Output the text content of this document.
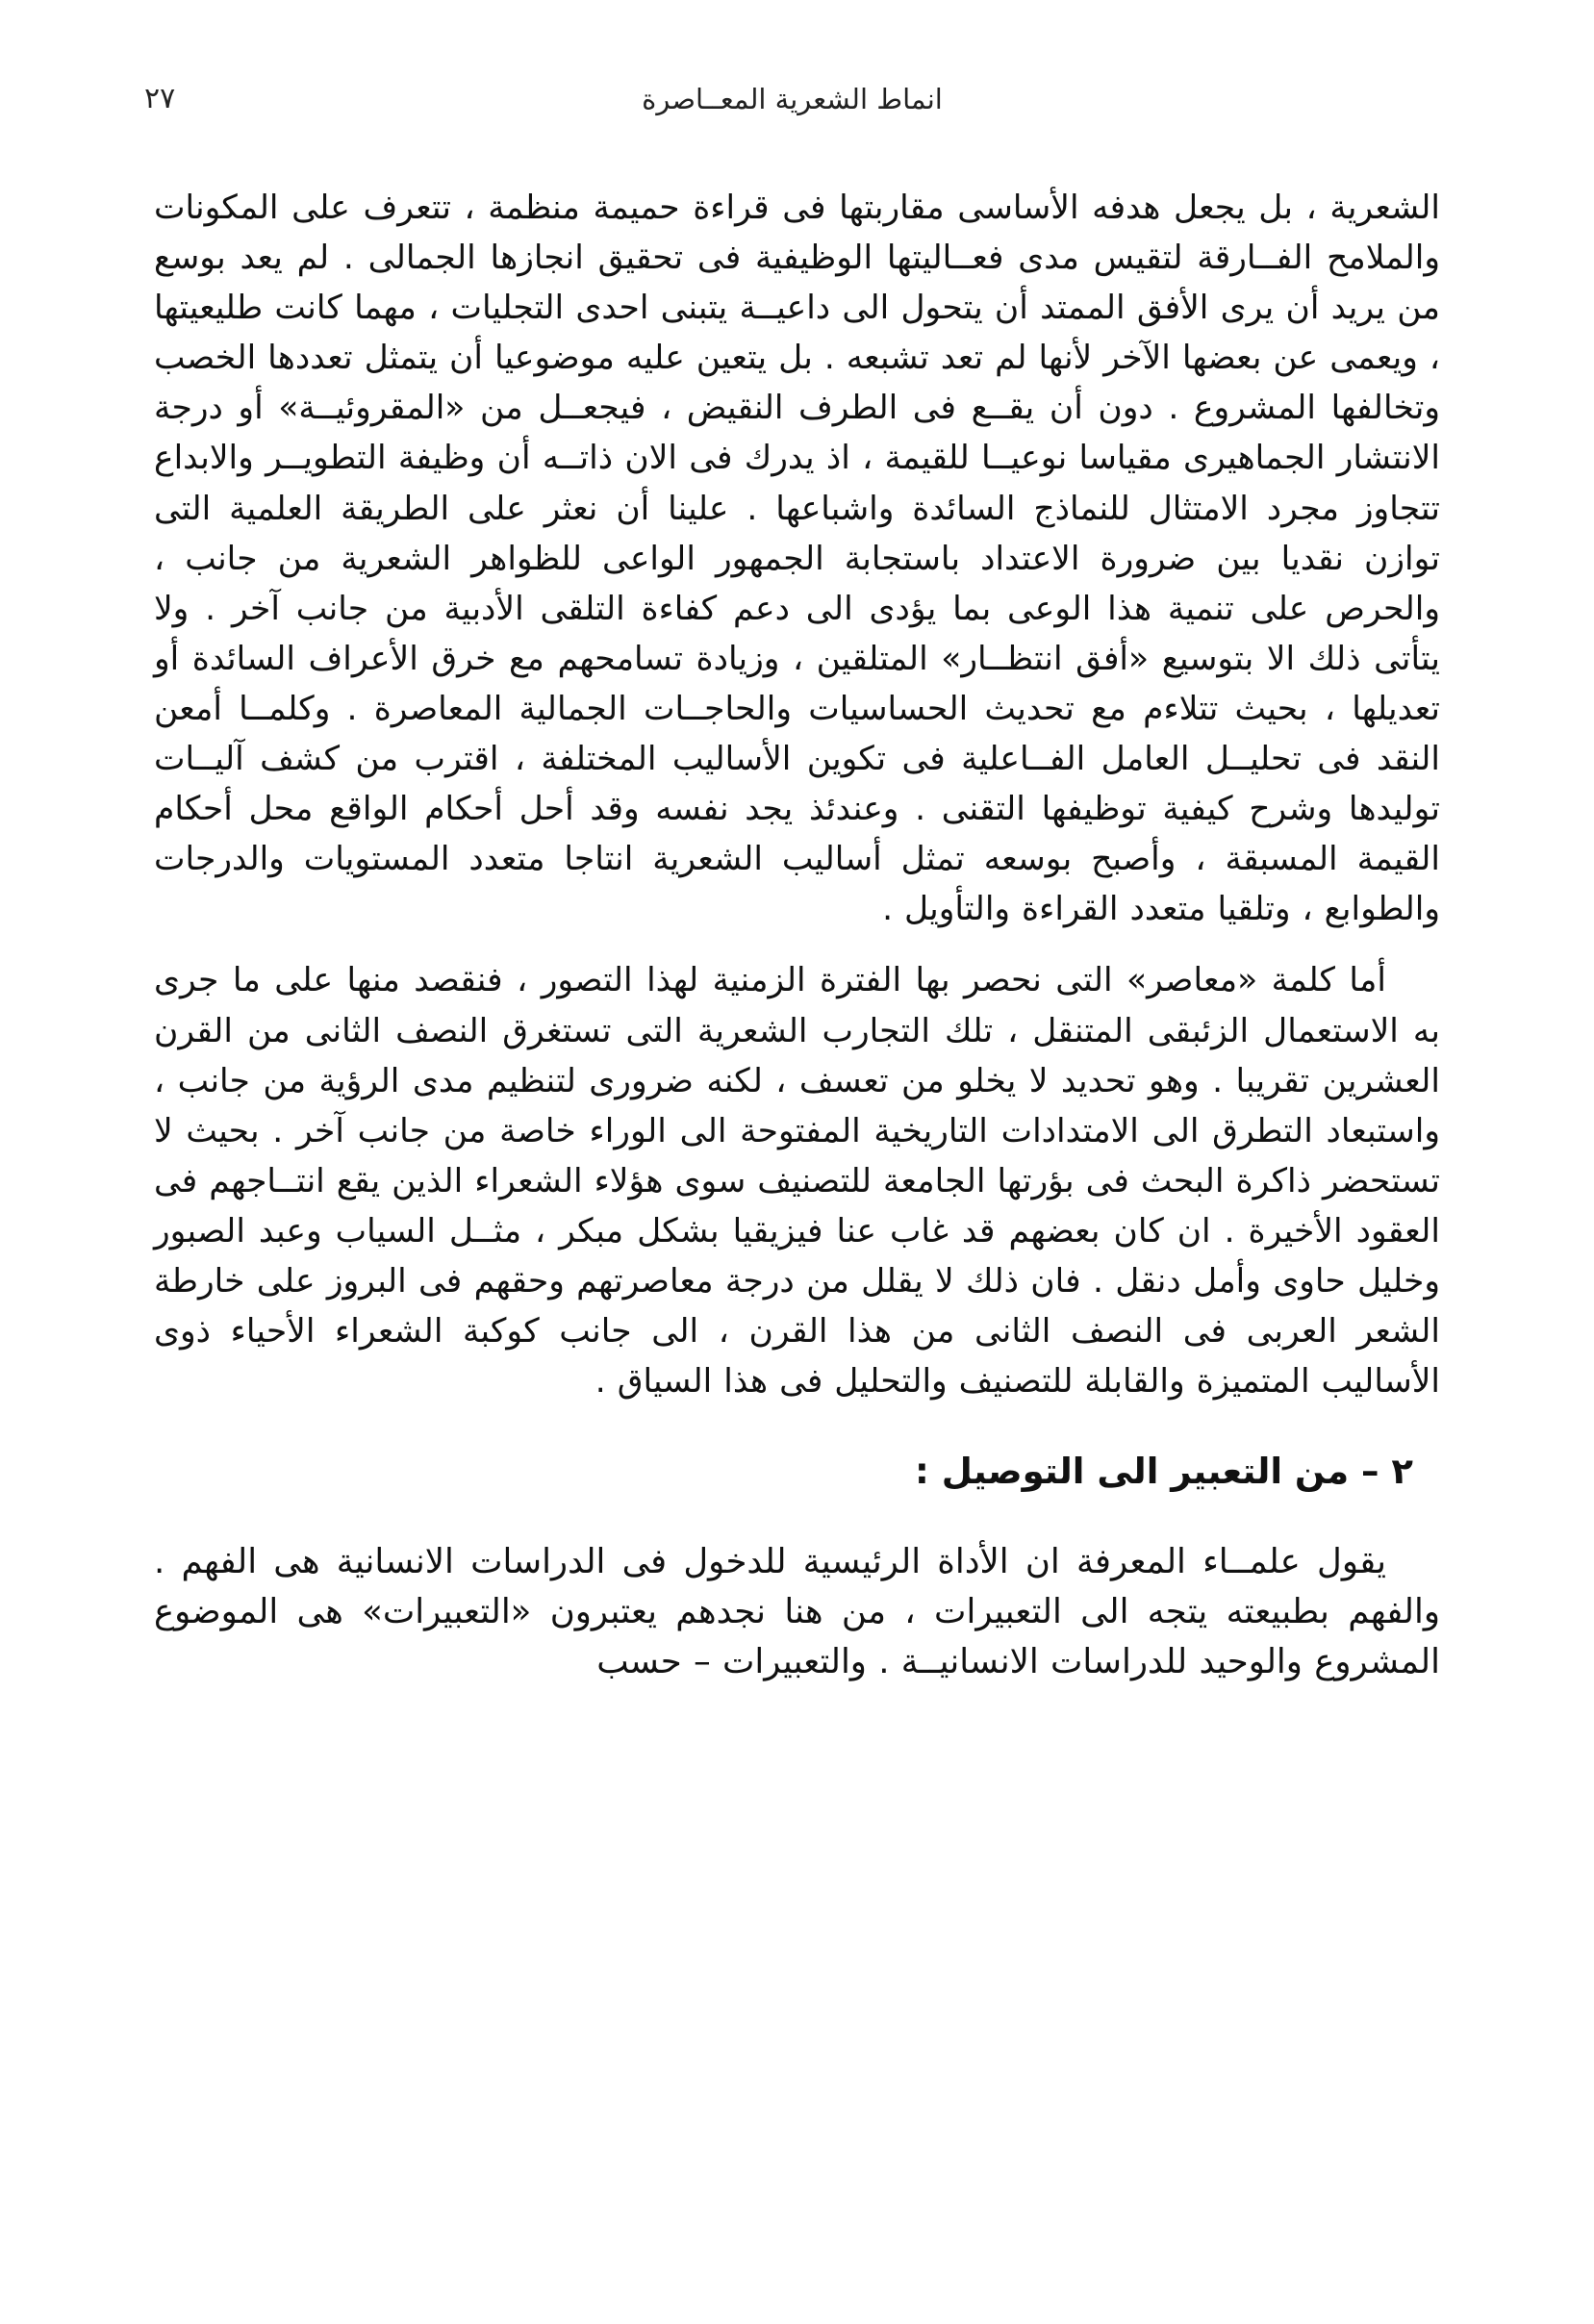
انماط الشعرية المعــاصرة
٢٧

الشعرية ، بل يجعل هدفه الأساسى مقاربتها فى قراءة حميمة منظمة ، تتعرف على المكونات والملامح الفــارقة لتقيس مدى فعــاليتها الوظيفية فى تحقيق انجازها الجمالى . لم يعد بوسع من يريد أن يرى الأفق الممتد أن يتحول الى داعيــة يتبنى احدى التجليات ، مهما كانت طليعيتها ، ويعمى عن بعضها الآخر لأنها لم تعد تشبعه . بل يتعين عليه موضوعيا أن يتمثل تعددها الخصب وتخالفها المشروع . دون أن يقــع فى الطرف النقيض ، فيجعــل من «المقروئيــة» أو درجة الانتشار الجماهيرى مقياسا نوعيــا للقيمة ، اذ يدرك فى الان ذاتــه أن وظيفة التطويــر والابداع تتجاوز مجرد الامتثال للنماذج السائدة واشباعها . علينا أن نعثر على الطريقة العلمية التى توازن نقديا بين ضرورة الاعتداد باستجابة الجمهور الواعى للظواهر الشعرية من جانب ، والحرص على تنمية هذا الوعى بما يؤدى الى دعم كفاءة التلقى الأدبية من جانب آخر . ولا يتأتى ذلك الا بتوسيع «أفق انتظــار» المتلقين ، وزيادة تسامحهم مع خرق الأعراف السائدة أو تعديلها ، بحيث تتلاءم مع تحديث الحساسيات والحاجــات الجمالية المعاصرة . وكلمــا أمعن النقد فى تحليــل العامل الفــاعلية فى تكوين الأساليب المختلفة ، اقترب من كشف آليــات توليدها وشرح كيفية توظيفها التقنى . وعندئذ يجد نفسه وقد أحل أحكام الواقع محل أحكام القيمة المسبقة ، وأصبح بوسعه تمثل أساليب الشعرية انتاجا متعدد المستويات والدرجات والطوابع ، وتلقيا متعدد القراءة والتأويل .

أما كلمة «معاصر» التى نحصر بها الفترة الزمنية لهذا التصور ، فنقصد منها على ما جرى به الاستعمال الزئبقى المتنقل ، تلك التجارب الشعرية التى تستغرق النصف الثانى من القرن العشرين تقريبا . وهو تحديد لا يخلو من تعسف ، لكنه ضرورى لتنظيم مدى الرؤية من جانب ، واستبعاد التطرق الى الامتدادات التاريخية المفتوحة الى الوراء خاصة من جانب آخر . بحيث لا تستحضر ذاكرة البحث فى بؤرتها الجامعة للتصنيف سوى هؤلاء الشعراء الذين يقع انتــاجهم فى العقود الأخيرة . ان كان بعضهم قد غاب عنا فيزيقيا بشكل مبكر ، مثــل السياب وعبد الصبور وخليل حاوى وأمل دنقل . فان ذلك لا يقلل من درجة معاصرتهم وحقهم فى البروز على خارطة الشعر العربى فى النصف الثانى من هذا القرن ، الى جانب كوكبة الشعراء الأحياء ذوى الأساليب المتميزة والقابلة للتصنيف والتحليل فى هذا السياق .

٢ – من التعبير الى التوصيل :

يقول علمــاء المعرفة ان الأداة الرئيسية للدخول فى الدراسات الانسانية هى الفهم . والفهم بطبيعته يتجه الى التعبيرات ، من هنا نجدهم يعتبرون «التعبيرات» هى الموضوع المشروع والوحيد للدراسات الانسانيــة . والتعبيرات – حسب
